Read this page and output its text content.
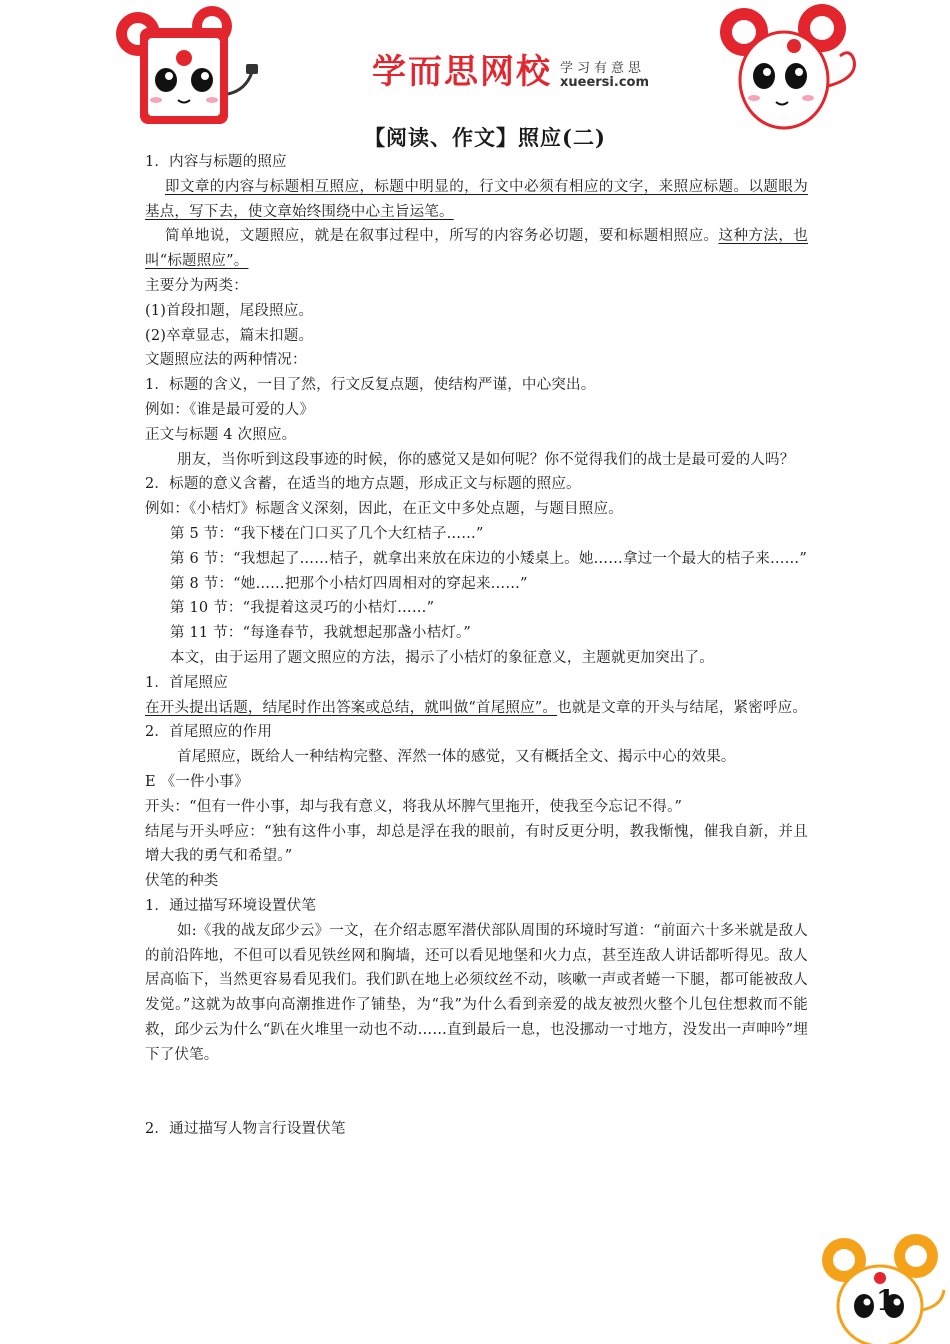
学而思网校 学习有意思
xueersi.com
【阅读、作文】照应(二)

1．内容与标题的照应

即文章的内容与标题相互照应，标题中明显的，行文中必须有相应的文字，来照应标题。以题眼为基点，写下去，使文章始终围绕中心主旨运笔。

简单地说，文题照应，就是在叙事过程中，所写的内容务必切题，要和标题相照应。这种方法，也叫“标题照应”。

主要分为两类：

(1)首段扣题，尾段照应。

(2)卒章显志，篇末扣题。

文题照应法的两种情况：

1．标题的含义，一目了然，行文反复点题，使结构严谨，中心突出。

例如：《谁是最可爱的人》

正文与标题 4 次照应。

朋友，当你听到这段事迹的时候，你的感觉又是如何呢？你不觉得我们的战士是最可爱的人吗？

2．标题的意义含蓄，在适当的地方点题，形成正文与标题的照应。

例如：《小桔灯》标题含义深刻，因此，在正文中多处点题，与题目照应。

第 5 节：“我下楼在门口买了几个大红桔子……”

第 6 节：“我想起了……桔子，就拿出来放在床边的小矮桌上。她……拿过一个最大的桔子来……”

第 8 节：“她……把那个小桔灯四周相对的穿起来……”

第 10 节：“我提着这灵巧的小桔灯……”

第 11 节：“每逢春节，我就想起那盏小桔灯。”

本文，由于运用了题文照应的方法，揭示了小桔灯的象征意义，主题就更加突出了。

1．首尾照应

在开头提出话题，结尾时作出答案或总结，就叫做“首尾照应”。也就是文章的开头与结尾，紧密呼应。

2．首尾照应的作用

首尾照应，既给人一种结构完整、浑然一体的感觉，又有概括全文、揭示中心的效果。

E 《一件小事》

开头：“但有一件小事，却与我有意义，将我从坏脾气里拖开，使我至今忘记不得。”

结尾与开头呼应：“独有这件小事，却总是浮在我的眼前，有时反更分明，教我惭愧，催我自新，并且增大我的勇气和希望。”

伏笔的种类

1．通过描写环境设置伏笔

如:《我的战友邱少云》一文，在介绍志愿军潜伏部队周围的环境时写道：“前面六十多米就是敌人的前沿阵地，不但可以看见铁丝网和胸墙，还可以看见地堡和火力点，甚至连敌人讲话都听得见。敌人居高临下，当然更容易看见我们。我们趴在地上必须纹丝不动，咳嗽一声或者蜷一下腿，都可能被敌人发觉。”这就为故事向高潮推进作了铺垫，为“我”为什么看到亲爱的战友被烈火整个儿包住想救而不能救，邱少云为什么“趴在火堆里一动也不动……直到最后一息，也没挪动一寸地方，没发出一声呻吟”埋下了伏笔。

2．通过描写人物言行设置伏笔

1
